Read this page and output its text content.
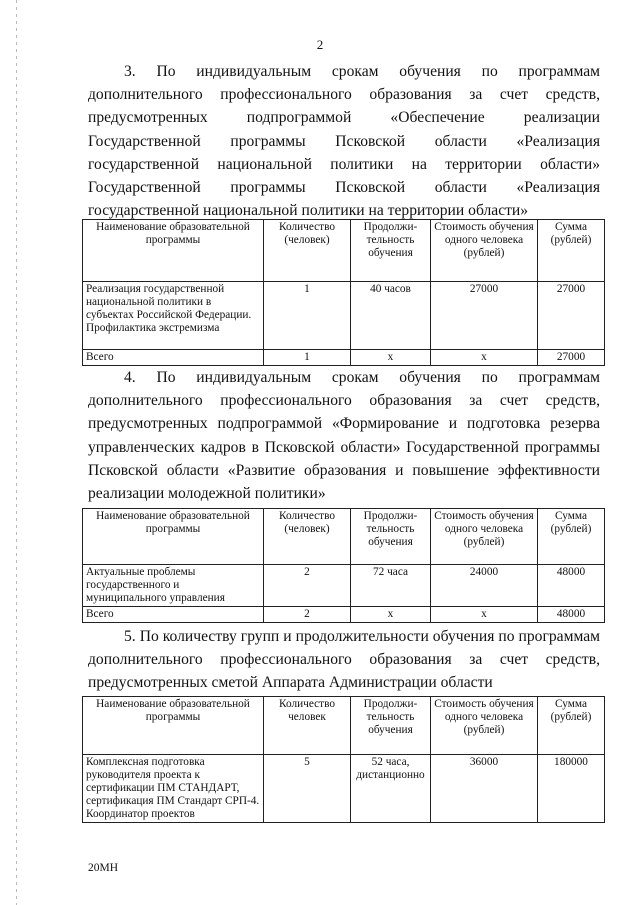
2
3. По индивидуальным срокам обучения по программам дополнительного профессионального образования за счет средств, предусмотренных подпрограммой «Обеспечение реализации Государственной программы Псковской области «Реализация государственной национальной политики на территории области» Государственной программы Псковской области «Реализация государственной национальной политики на территории области»
Наименование образовательной программы	Количество (человек)	Продолжи-тельность обучения	Стоимость обучения одного человека (рублей)	Сумма (рублей)
Реализация государственной национальной политики в субъектах Российской Федерации. Профилактика экстремизма	1	40 часов	27000	27000
Всего	1	х	х	27000
4. По индивидуальным срокам обучения по программам дополнительного профессионального образования за счет средств, предусмотренных подпрограммой «Формирование и подготовка резерва управленческих кадров в Псковской области» Государственной программы Псковской области «Развитие образования и повышение эффективности реализации молодежной политики»
Наименование образовательной программы	Количество (человек)	Продолжи-тельность обучения	Стоимость обучения одного человека (рублей)	Сумма (рублей)
Актуальные проблемы государственного и муниципального управления	2	72 часа	24000	48000
Всего	2	х	х	48000
5. По количеству групп и продолжительности обучения по программам дополнительного профессионального образования за счет средств, предусмотренных сметой Аппарата Администрации области
Наименование образовательной программы	Количество человек	Продолжи-тельность обучения	Стоимость обучения одного человека (рублей)	Сумма (рублей)
Комплексная подготовка руководителя проекта к сертификации ПМ СТАНДАРТ, сертификация ПМ Стандарт СРП-4. Координатор проектов	5	52 часа, дистанционно	36000	180000
20МН
